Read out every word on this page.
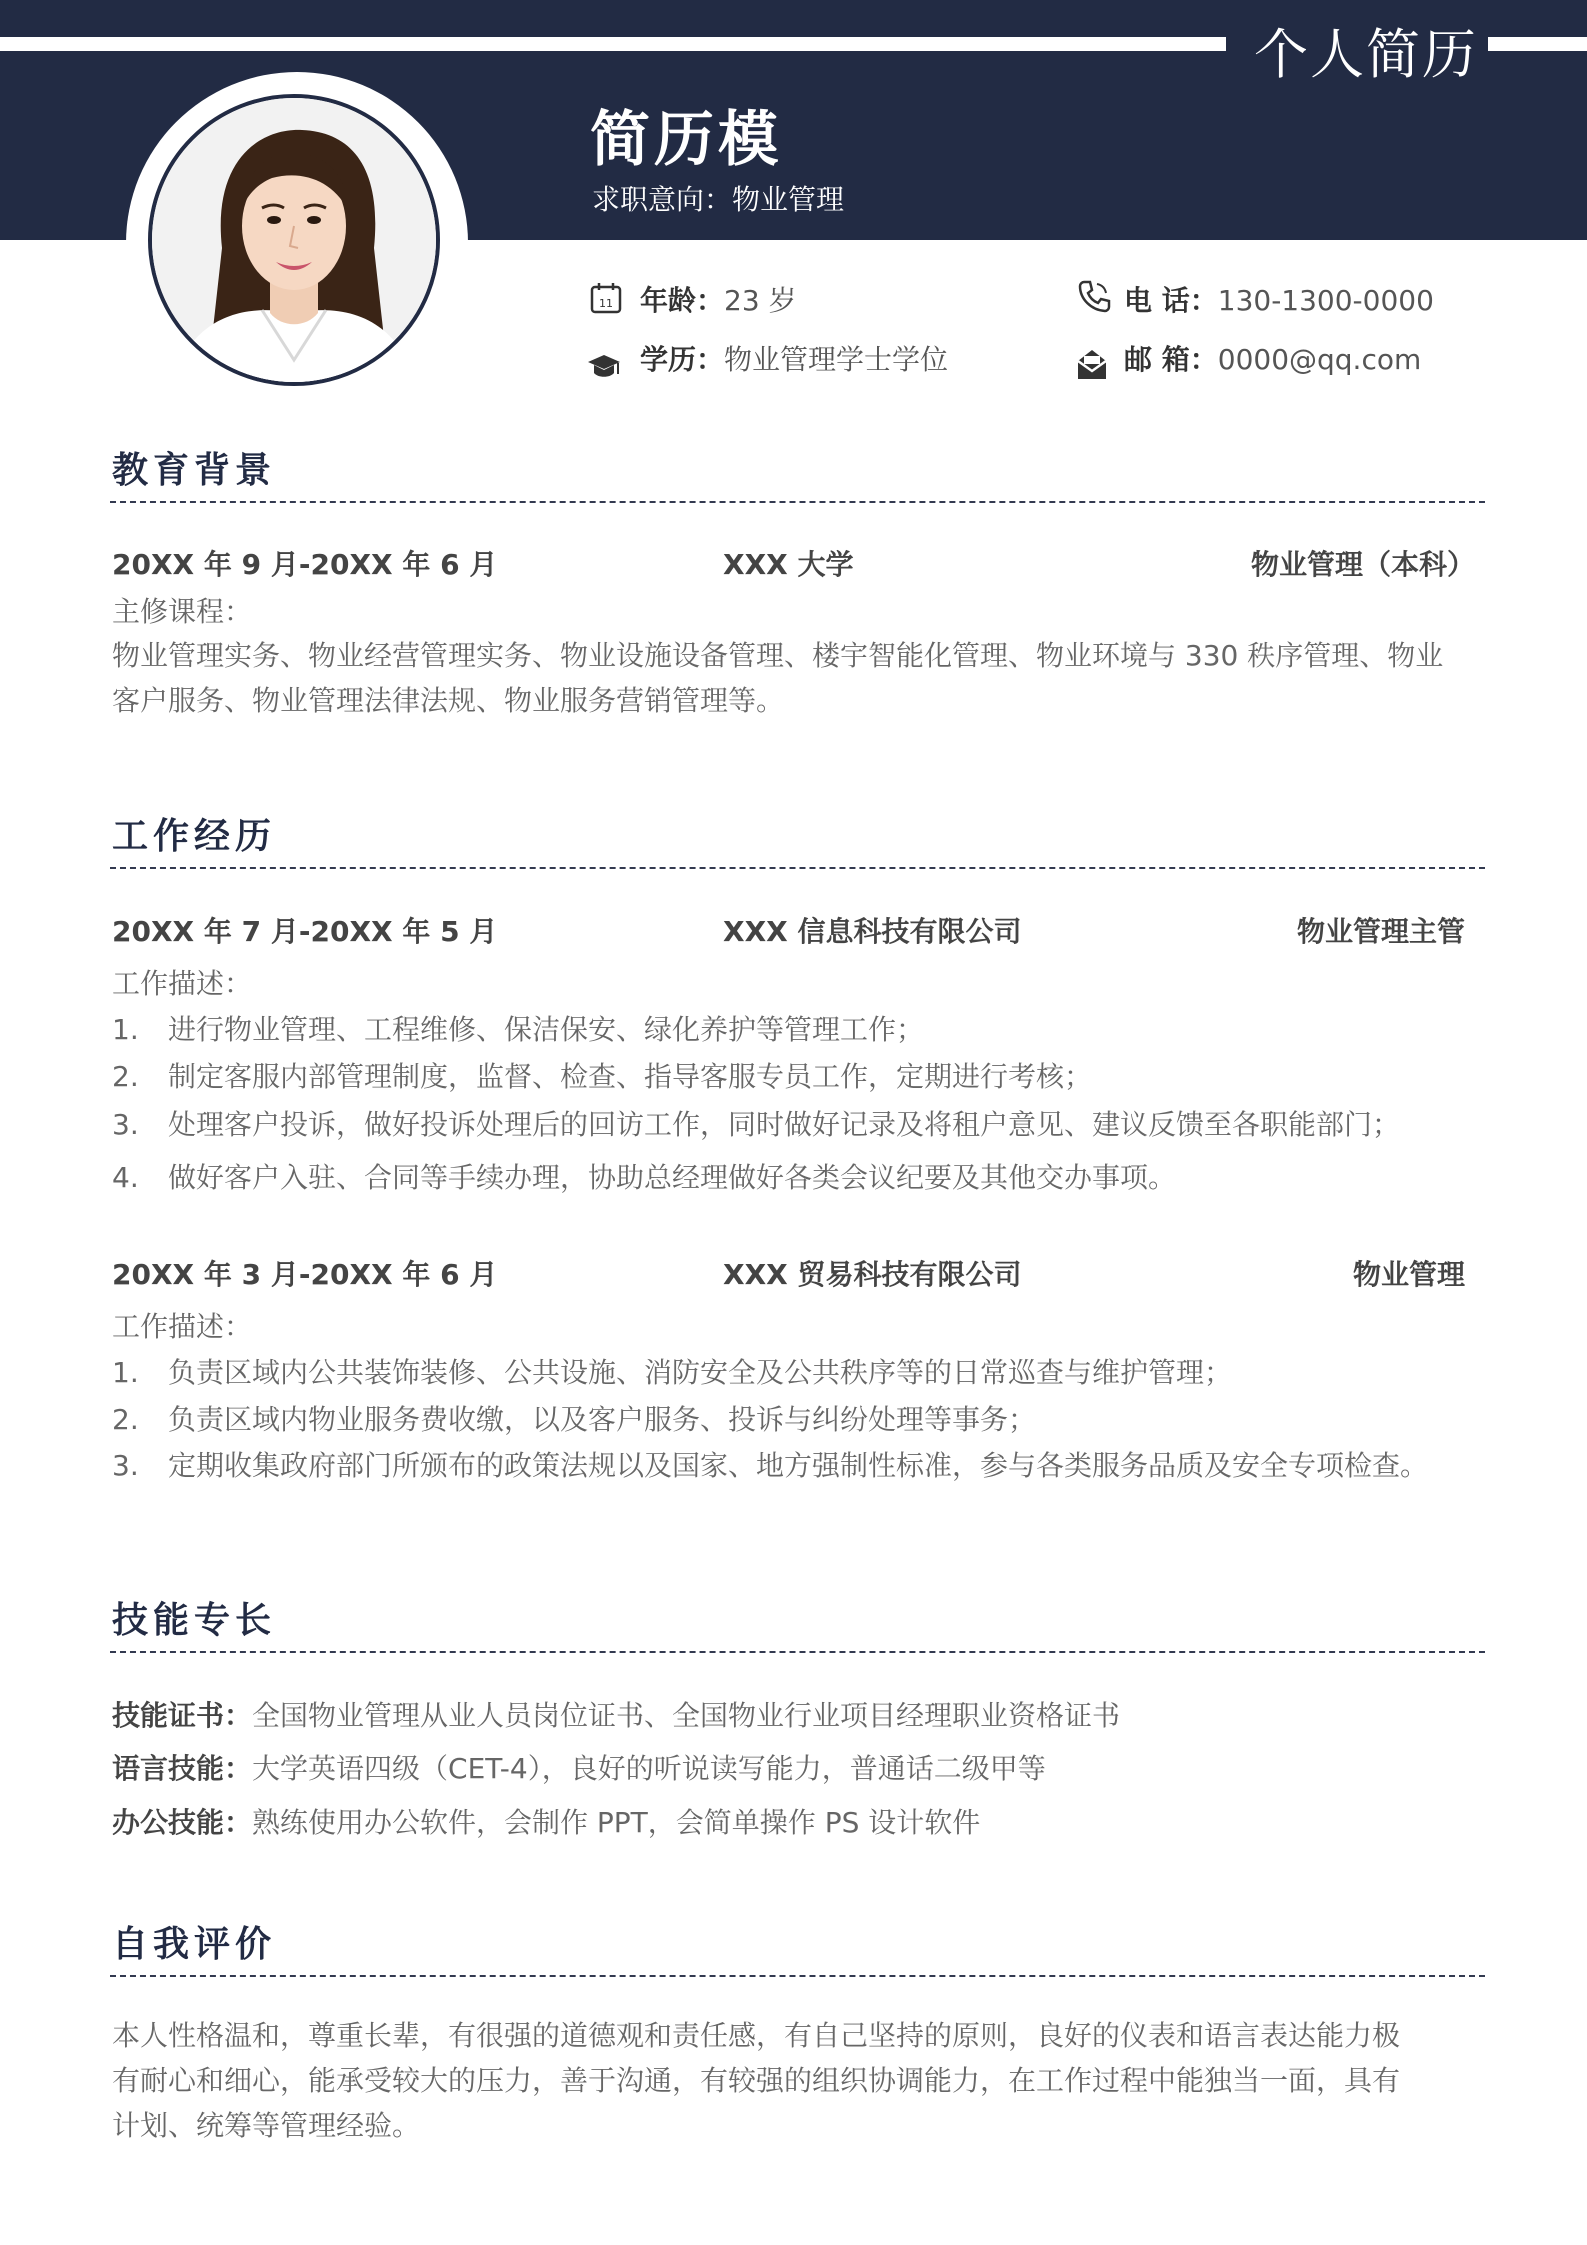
个人简历
简历模
求职意向：物业管理
11 年龄：23 岁
学历：物业管理学士学位
电 话：130-1300-0000
邮 箱：0000@qq.com
教育背景
20XX 年 9 月-20XX 年 6 月	XXX 大学	物业管理（本科）
主修课程：
物业管理实务、物业经营管理实务、物业设施设备管理、楼宇智能化管理、物业环境与 330 秩序管理、物业
客户服务、物业管理法律法规、物业服务营销管理等。
工作经历
20XX 年 7 月-20XX 年 5 月	XXX 信息科技有限公司	物业管理主管
工作描述：
1. 进行物业管理、工程维修、保洁保安、绿化养护等管理工作；
2. 制定客服内部管理制度，监督、检查、指导客服专员工作，定期进行考核；
3. 处理客户投诉，做好投诉处理后的回访工作，同时做好记录及将租户意见、建议反馈至各职能部门；
4. 做好客户入驻、合同等手续办理，协助总经理做好各类会议纪要及其他交办事项。
20XX 年 3 月-20XX 年 6 月	XXX 贸易科技有限公司	物业管理
工作描述：
1. 负责区域内公共装饰装修、公共设施、消防安全及公共秩序等的日常巡查与维护管理；
2. 负责区域内物业服务费收缴，以及客户服务、投诉与纠纷处理等事务；
3. 定期收集政府部门所颁布的政策法规以及国家、地方强制性标准，参与各类服务品质及安全专项检查。
技能专长
技能证书：全国物业管理从业人员岗位证书、全国物业行业项目经理职业资格证书
语言技能：大学英语四级（CET-4），良好的听说读写能力，普通话二级甲等
办公技能：熟练使用办公软件，会制作 PPT，会简单操作 PS 设计软件
自我评价
本人性格温和，尊重长辈，有很强的道德观和责任感，有自己坚持的原则，良好的仪表和语言表达能力极
有耐心和细心，能承受较大的压力，善于沟通，有较强的组织协调能力，在工作过程中能独当一面，具有
计划、统筹等管理经验。
